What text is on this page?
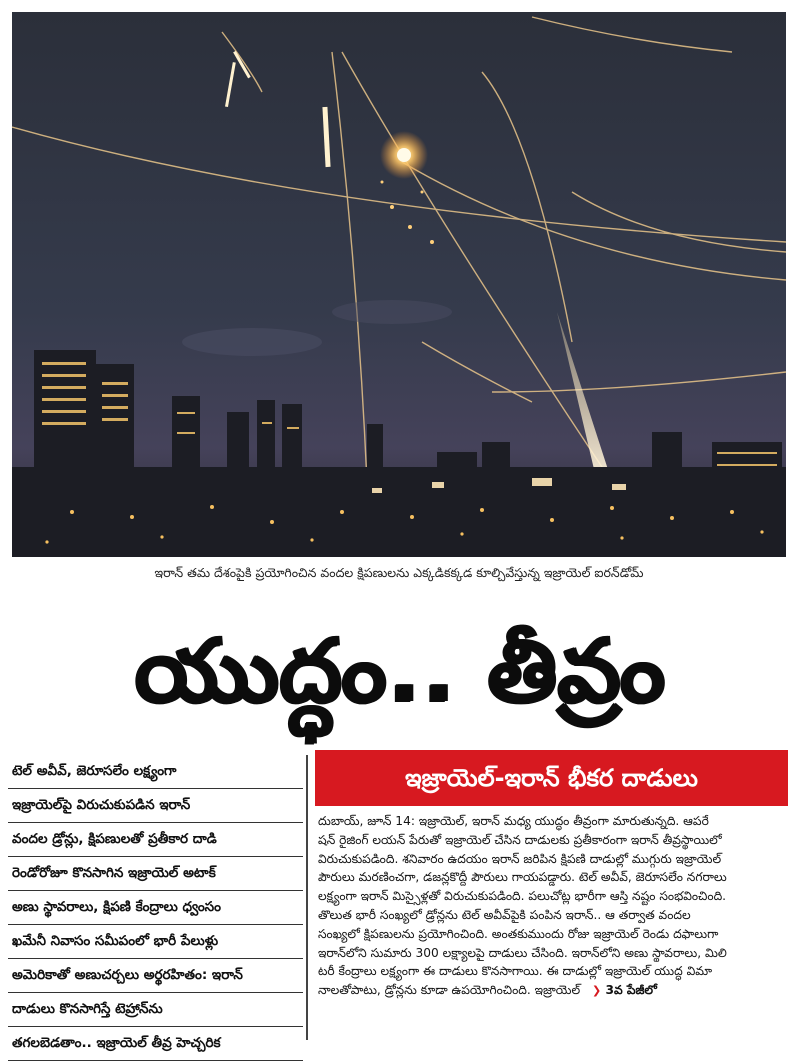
ఇరాన్ తమ దేశంపైకి ప్రయోగించిన వందల క్షిపణులను ఎక్కడికక్కడ కూల్చివేస్తున్న ఇజ్రాయెల్ ఐరన్‌డోమ్
యుద్ధం.. తీవ్రం
టెల్ అవీవ్, జెరూసలేం లక్ష్యంగా
ఇజ్రాయెల్‌పై విరుచుకుపడిన ఇరాన్
వందల డ్రోన్లు, క్షిపణులతో ప్రతీకార దాడి
రెండోరోజూ కొనసాగిన ఇజ్రాయెల్ అటాక్
అణు స్థావరాలు, క్షిపణి కేంద్రాలు ధ్వంసం
ఖమేనీ నివాసం సమీపంలో భారీ పేలుళ్లు
అమెరికాతో అణుచర్చలు అర్థరహితం: ఇరాన్
దాడులు కొనసాగిస్తే టెహ్రాన్‌ను
తగలబెడతాం.. ఇజ్రాయెల్ తీవ్ర హెచ్చరిక
ఇజ్రాయెల్-ఇరాన్ భీకర దాడులు
దుబాయ్, జూన్ 14: ఇజ్రాయెల్, ఇరాన్ మధ్య యుద్ధం తీవ్రంగా మారుతున్నది. ఆపరే
షన్ రైజింగ్ లయన్ పేరుతో ఇజ్రాయెల్ చేసిన దాడులకు ప్రతీకారంగా ఇరాన్ తీవ్రస్థాయిలో
విరుచుకుపడింది. శనివారం ఉదయం ఇరాన్ జరిపిన క్షిపణి దాడుల్లో ముగ్గురు ఇజ్రాయెల్
పౌరులు మరణించగా, డజన్లకొద్దీ పౌరులు గాయపడ్డారు. టెల్ అవీవ్, జెరూసలేం నగరాలు
లక్ష్యంగా ఇరాన్ మిస్సైళ్లతో విరుచుకుపడింది. పలుచోట్ల భారీగా ఆస్తి నష్టం సంభవించింది.
తొలుత భారీ సంఖ్యలో డ్రోన్లను టెల్ అవీవ్‌పైకి పంపిన ఇరాన్.. ఆ తర్వాత వందల
సంఖ్యలో క్షిపణులను ప్రయోగించింది. అంతకుముందు రోజు ఇజ్రాయెల్ రెండు దఫాలుగా
ఇరాన్‌లోని సుమారు 300 లక్ష్యాలపై దాడులు చేసింది. ఇరాన్‌లోని అణు స్థావరాలు, మిలి
టరీ కేంద్రాలు లక్ష్యంగా ఈ దాడులు కొనసాగాయి. ఈ దాడుల్లో ఇజ్రాయెల్ యుద్ధ విమా
నాలతోపాటు, డ్రోన్లను కూడా ఉపయోగించింది. ఇజ్రాయెల్ ❯ 3వ పేజీలో
